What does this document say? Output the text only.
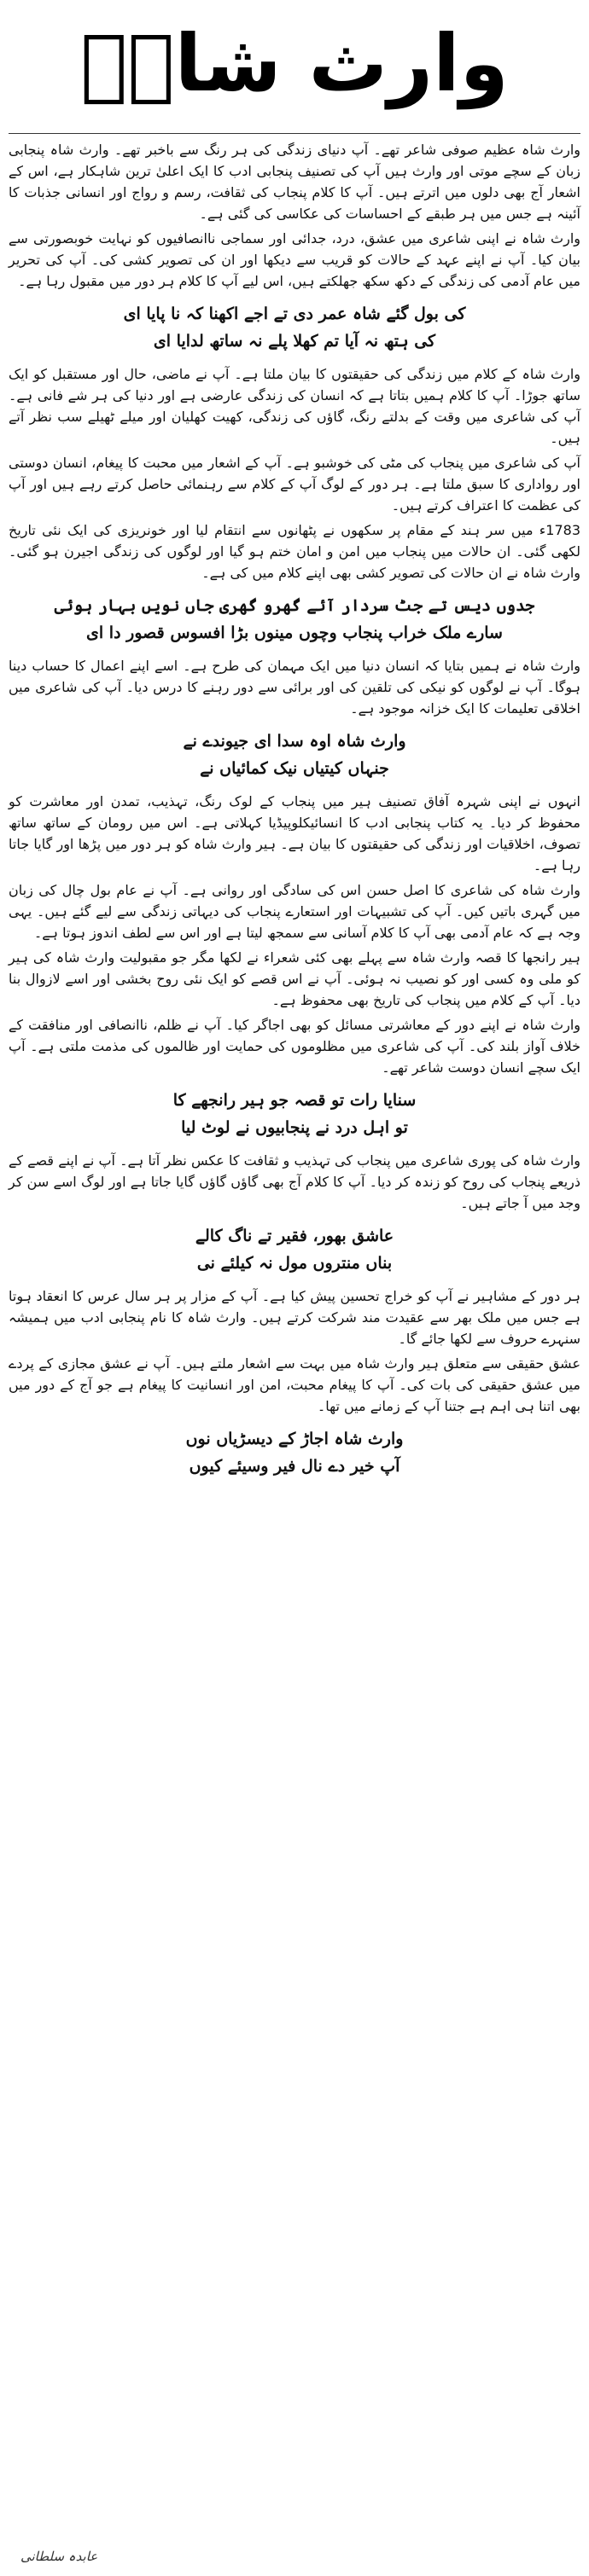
وارث شاہؒ

وارث شاہ عظیم صوفی شاعر تھے۔ آپ دنیای زندگی کی ہر رنگ سے باخبر تھے۔ وارث شاہ پنجابی زبان کے سچے موتی اور وارث ہیں آپ کی تصنیف پنجابی ادب کا ایک اعلیٰ ترین شاہکار ہے، اس کے اشعار آج بھی دلوں میں اترتے ہیں۔ آپ کا کلام پنجاب کی ثقافت، رسم و رواج اور انسانی جذبات کا آئینہ ہے جس میں ہر طبقے کے احساسات کی عکاسی کی گئی ہے۔

وارث شاہ نے اپنی شاعری میں عشق، درد، جدائی اور سماجی ناانصافیوں کو نہایت خوبصورتی سے بیان کیا۔ آپ نے اپنے عہد کے حالات کو قریب سے دیکھا اور ان کی تصویر کشی کی۔ آپ کی تحریر میں عام آدمی کی زندگی کے دکھ سکھ جھلکتے ہیں، اس لیے آپ کا کلام ہر دور میں مقبول رہا ہے۔

کی بول گئے شاہ عمر دی تے اجے اکھنا کہ نا پایا ای
کی ہتھ نہ آیا تم کھلا پلے نہ ساتھ لدایا ای

وارث شاہ کے کلام میں زندگی کی حقیقتوں کا بیان ملتا ہے۔ آپ نے ماضی، حال اور مستقبل کو ایک ساتھ جوڑا۔ آپ کا کلام ہمیں بتاتا ہے کہ انسان کی زندگی عارضی ہے اور دنیا کی ہر شے فانی ہے۔ آپ کی شاعری میں وقت کے بدلتے رنگ، گاؤں کی زندگی، کھیت کھلیان اور میلے ٹھیلے سب نظر آتے ہیں۔

آپ کی شاعری میں پنجاب کی مٹی کی خوشبو ہے۔ آپ کے اشعار میں محبت کا پیغام، انسان دوستی اور رواداری کا سبق ملتا ہے۔ ہر دور کے لوگ آپ کے کلام سے رہنمائی حاصل کرتے رہے ہیں اور آپ کی عظمت کا اعتراف کرتے ہیں۔

1783ء میں سر ہند کے مقام پر سکھوں نے پٹھانوں سے انتقام لیا اور خونریزی کی ایک نئی تاریخ لکھی گئی۔ ان حالات میں پنجاب میں امن و امان ختم ہو گیا اور لوگوں کی زندگی اجیرن ہو گئی۔ وارث شاہ نے ان حالات کی تصویر کشی بھی اپنے کلام میں کی ہے۔

جدوں دیس تے جٹ سردار آئے گھرو گھری جاں نویں بہار ہوئی
سارے ملک خراب پنجاب وچوں مینوں بڑا افسوس قصور دا ای

وارث شاہ نے ہمیں بتایا کہ انسان دنیا میں ایک مہمان کی طرح ہے۔ اسے اپنے اعمال کا حساب دینا ہوگا۔ آپ نے لوگوں کو نیکی کی تلقین کی اور برائی سے دور رہنے کا درس دیا۔ آپ کی شاعری میں اخلاقی تعلیمات کا ایک خزانہ موجود ہے۔

وارث شاہ اوہ سدا ای جیوندے نے
جنہاں کیتیاں نیک کمائیاں نے

انہوں نے اپنی شہرہ آفاق تصنیف ہیر میں پنجاب کے لوک رنگ، تہذیب، تمدن اور معاشرت کو محفوظ کر دیا۔ یہ کتاب پنجابی ادب کا انسائیکلوپیڈیا کہلاتی ہے۔ اس میں رومان کے ساتھ ساتھ تصوف، اخلاقیات اور زندگی کی حقیقتوں کا بیان ہے۔ ہیر وارث شاہ کو ہر دور میں پڑھا اور گایا جاتا رہا ہے۔

وارث شاہ کی شاعری کا اصل حسن اس کی سادگی اور روانی ہے۔ آپ نے عام بول چال کی زبان میں گہری باتیں کیں۔ آپ کی تشبیہات اور استعارے پنجاب کی دیہاتی زندگی سے لیے گئے ہیں۔ یہی وجہ ہے کہ عام آدمی بھی آپ کا کلام آسانی سے سمجھ لیتا ہے اور اس سے لطف اندوز ہوتا ہے۔

ہیر رانجھا کا قصہ وارث شاہ سے پہلے بھی کئی شعراء نے لکھا مگر جو مقبولیت وارث شاہ کی ہیر کو ملی وہ کسی اور کو نصیب نہ ہوئی۔ آپ نے اس قصے کو ایک نئی روح بخشی اور اسے لازوال بنا دیا۔ آپ کے کلام میں پنجاب کی تاریخ بھی محفوظ ہے۔

وارث شاہ نے اپنے دور کے معاشرتی مسائل کو بھی اجاگر کیا۔ آپ نے ظلم، ناانصافی اور منافقت کے خلاف آواز بلند کی۔ آپ کی شاعری میں مظلوموں کی حمایت اور ظالموں کی مذمت ملتی ہے۔ آپ ایک سچے انسان دوست شاعر تھے۔

سنایا رات تو قصہ جو ہیر رانجھے کا
تو اہل درد نے پنجابیوں نے لوٹ لیا

وارث شاہ کی پوری شاعری میں پنجاب کی تہذیب و ثقافت کا عکس نظر آتا ہے۔ آپ نے اپنے قصے کے ذریعے پنجاب کی روح کو زندہ کر دیا۔ آپ کا کلام آج بھی گاؤں گاؤں گایا جاتا ہے اور لوگ اسے سن کر وجد میں آ جاتے ہیں۔

عاشق بھور، فقیر تے ناگ کالے
بناں منتروں مول نہ کیلئے نی

ہر دور کے مشاہیر نے آپ کو خراج تحسین پیش کیا ہے۔ آپ کے مزار پر ہر سال عرس کا انعقاد ہوتا ہے جس میں ملک بھر سے عقیدت مند شرکت کرتے ہیں۔ وارث شاہ کا نام پنجابی ادب میں ہمیشہ سنہرے حروف سے لکھا جائے گا۔

عشق حقیقی سے متعلق ہیر وارث شاہ میں بہت سے اشعار ملتے ہیں۔ آپ نے عشق مجازی کے پردے میں عشق حقیقی کی بات کی۔ آپ کا پیغام محبت، امن اور انسانیت کا پیغام ہے جو آج کے دور میں بھی اتنا ہی اہم ہے جتنا آپ کے زمانے میں تھا۔

وارث شاہ اجاڑ کے دیسڑیاں نوں
آپ خیر دے نال فیر وسیئے کیوں
عابدہ سلطانی
